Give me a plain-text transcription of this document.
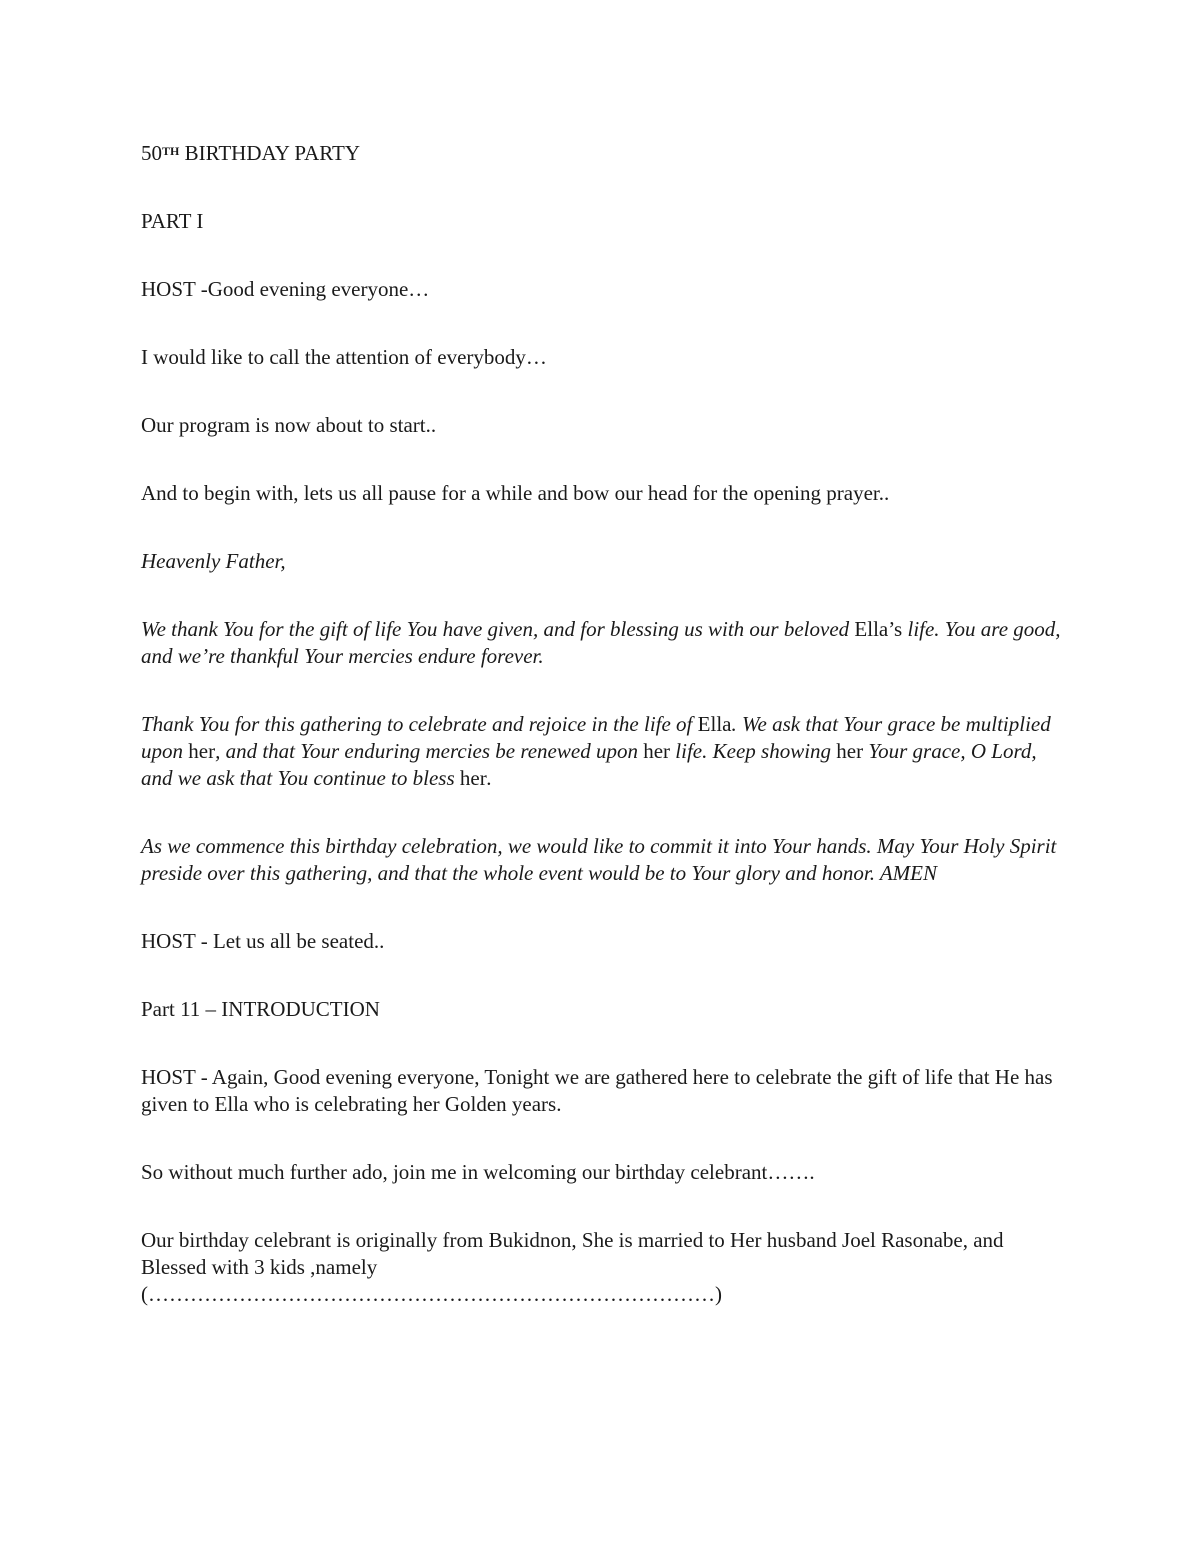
50TH BIRTHDAY PARTY

PART I

HOST -Good evening everyone…

I would like to call the attention of everybody…

Our program is now about to start..

And to begin with, lets us all pause for a while and bow our head for the opening prayer..

Heavenly Father,

We thank You for the gift of life You have given, and for blessing us with our beloved Ella’s life. You are good, and we’re thankful Your mercies endure forever.

Thank You for this gathering to celebrate and rejoice in the life of Ella. We ask that Your grace be multiplied upon her, and that Your enduring mercies be renewed upon her life. Keep showing her Your grace, O Lord, and we ask that You continue to bless her.

As we commence this birthday celebration, we would like to commit it into Your hands. May Your Holy Spirit preside over this gathering, and that the whole event would be to Your glory and honor. AMEN

HOST - Let us all be seated..

Part 11 – INTRODUCTION

HOST - Again, Good evening everyone, Tonight we are gathered here to celebrate the gift of life that He has given to Ella who is celebrating her Golden years.

So without much further ado, join me in welcoming our birthday celebrant…….

Our birthday celebrant is originally from Bukidnon, She is married to Her husband Joel Rasonabe, and Blessed with 3 kids ,namely
(………………………………………………………………………)
